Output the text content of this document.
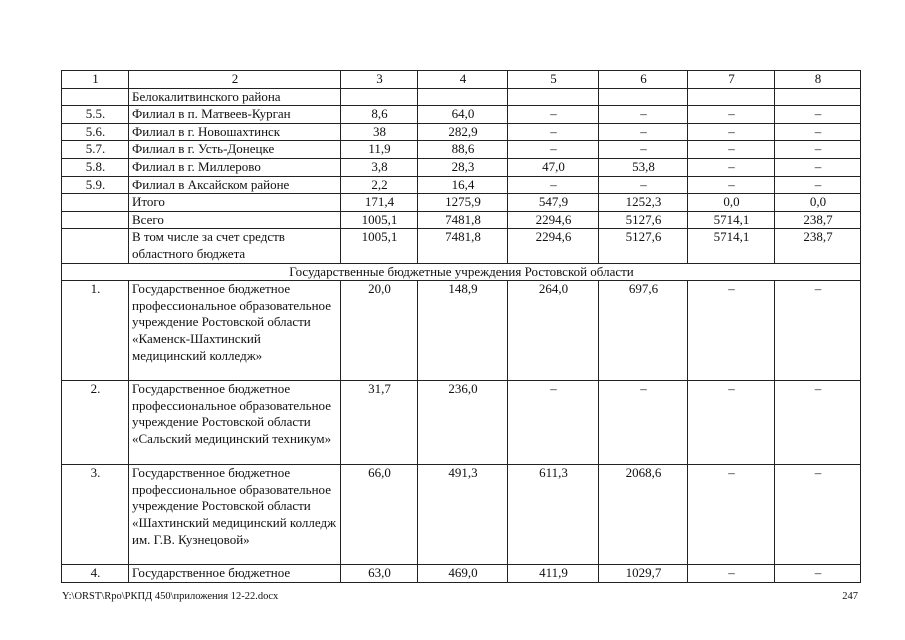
1	2	3	4	5	6	7	8
	Белокалитвинского района						
5.5.	Филиал в п. Матвеев-Курган	8,6	64,0	–	–	–	–
5.6.	Филиал в г. Новошахтинск	38	282,9	–	–	–	–
5.7.	Филиал в г. Усть-Донецке	11,9	88,6	–	–	–	–
5.8.	Филиал в г. Миллерово	3,8	28,3	47,0	53,8	–	–
5.9.	Филиал в Аксайском районе	2,2	16,4	–	–	–	–
	Итого	171,4	1275,9	547,9	1252,3	0,0	0,0
	Всего	1005,1	7481,8	2294,6	5127,6	5714,1	238,7
	В том числе за счет средств областного бюджета	1005,1	7481,8	2294,6	5127,6	5714,1	238,7
Государственные бюджетные учреждения Ростовской области							
1.	Государственное бюджетное профессиональное образовательное учреждение Ростовской области «Каменск-Шахтинский медицинский колледж»	20,0	148,9	264,0	697,6	–	–
2.	Государственное бюджетное профессиональное образовательное учреждение Ростовской области «Сальский медицинский техникум»	31,7	236,0	–	–	–	–
3.	Государственное бюджетное профессиональное образовательное учреждение Ростовской области «Шахтинский медицинский колледж им. Г.В. Кузнецовой»	66,0	491,3	611,3	2068,6	–	–
4.	Государственное бюджетное	63,0	469,0	411,9	1029,7	–	–
Y:\ORST\Rpo\РКПД 450\приложения 12-22.docx	247
